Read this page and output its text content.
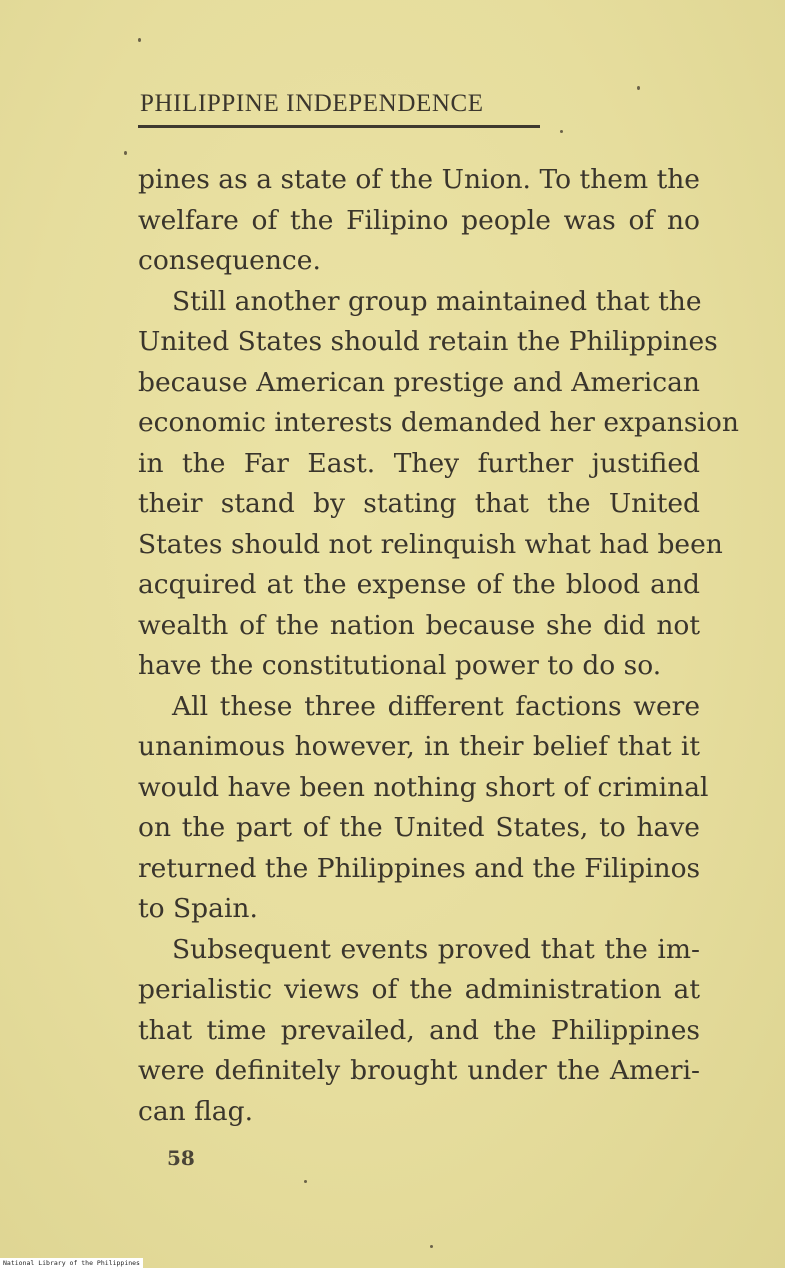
PHILIPPINE INDEPENDENCE
pines as a state of the Union. To them the
welfare of the Filipino people was of no
consequence.
Still another group maintained that the
United States should retain the Philippines
because American prestige and American
economic interests demanded her expansion
in the Far East. They further justified
their stand by stating that the United
States should not relinquish what had been
acquired at the expense of the blood and
wealth of the nation because she did not
have the constitutional power to do so.
All these three different factions were
unanimous however, in their belief that it
would have been nothing short of criminal
on the part of the United States, to have
returned the Philippines and the Filipinos
to Spain.
Subsequent events proved that the im-
perialistic views of the administration at
that time prevailed, and the Philippines
were definitely brought under the Ameri-
can flag.
58
National Library of the Philippines
